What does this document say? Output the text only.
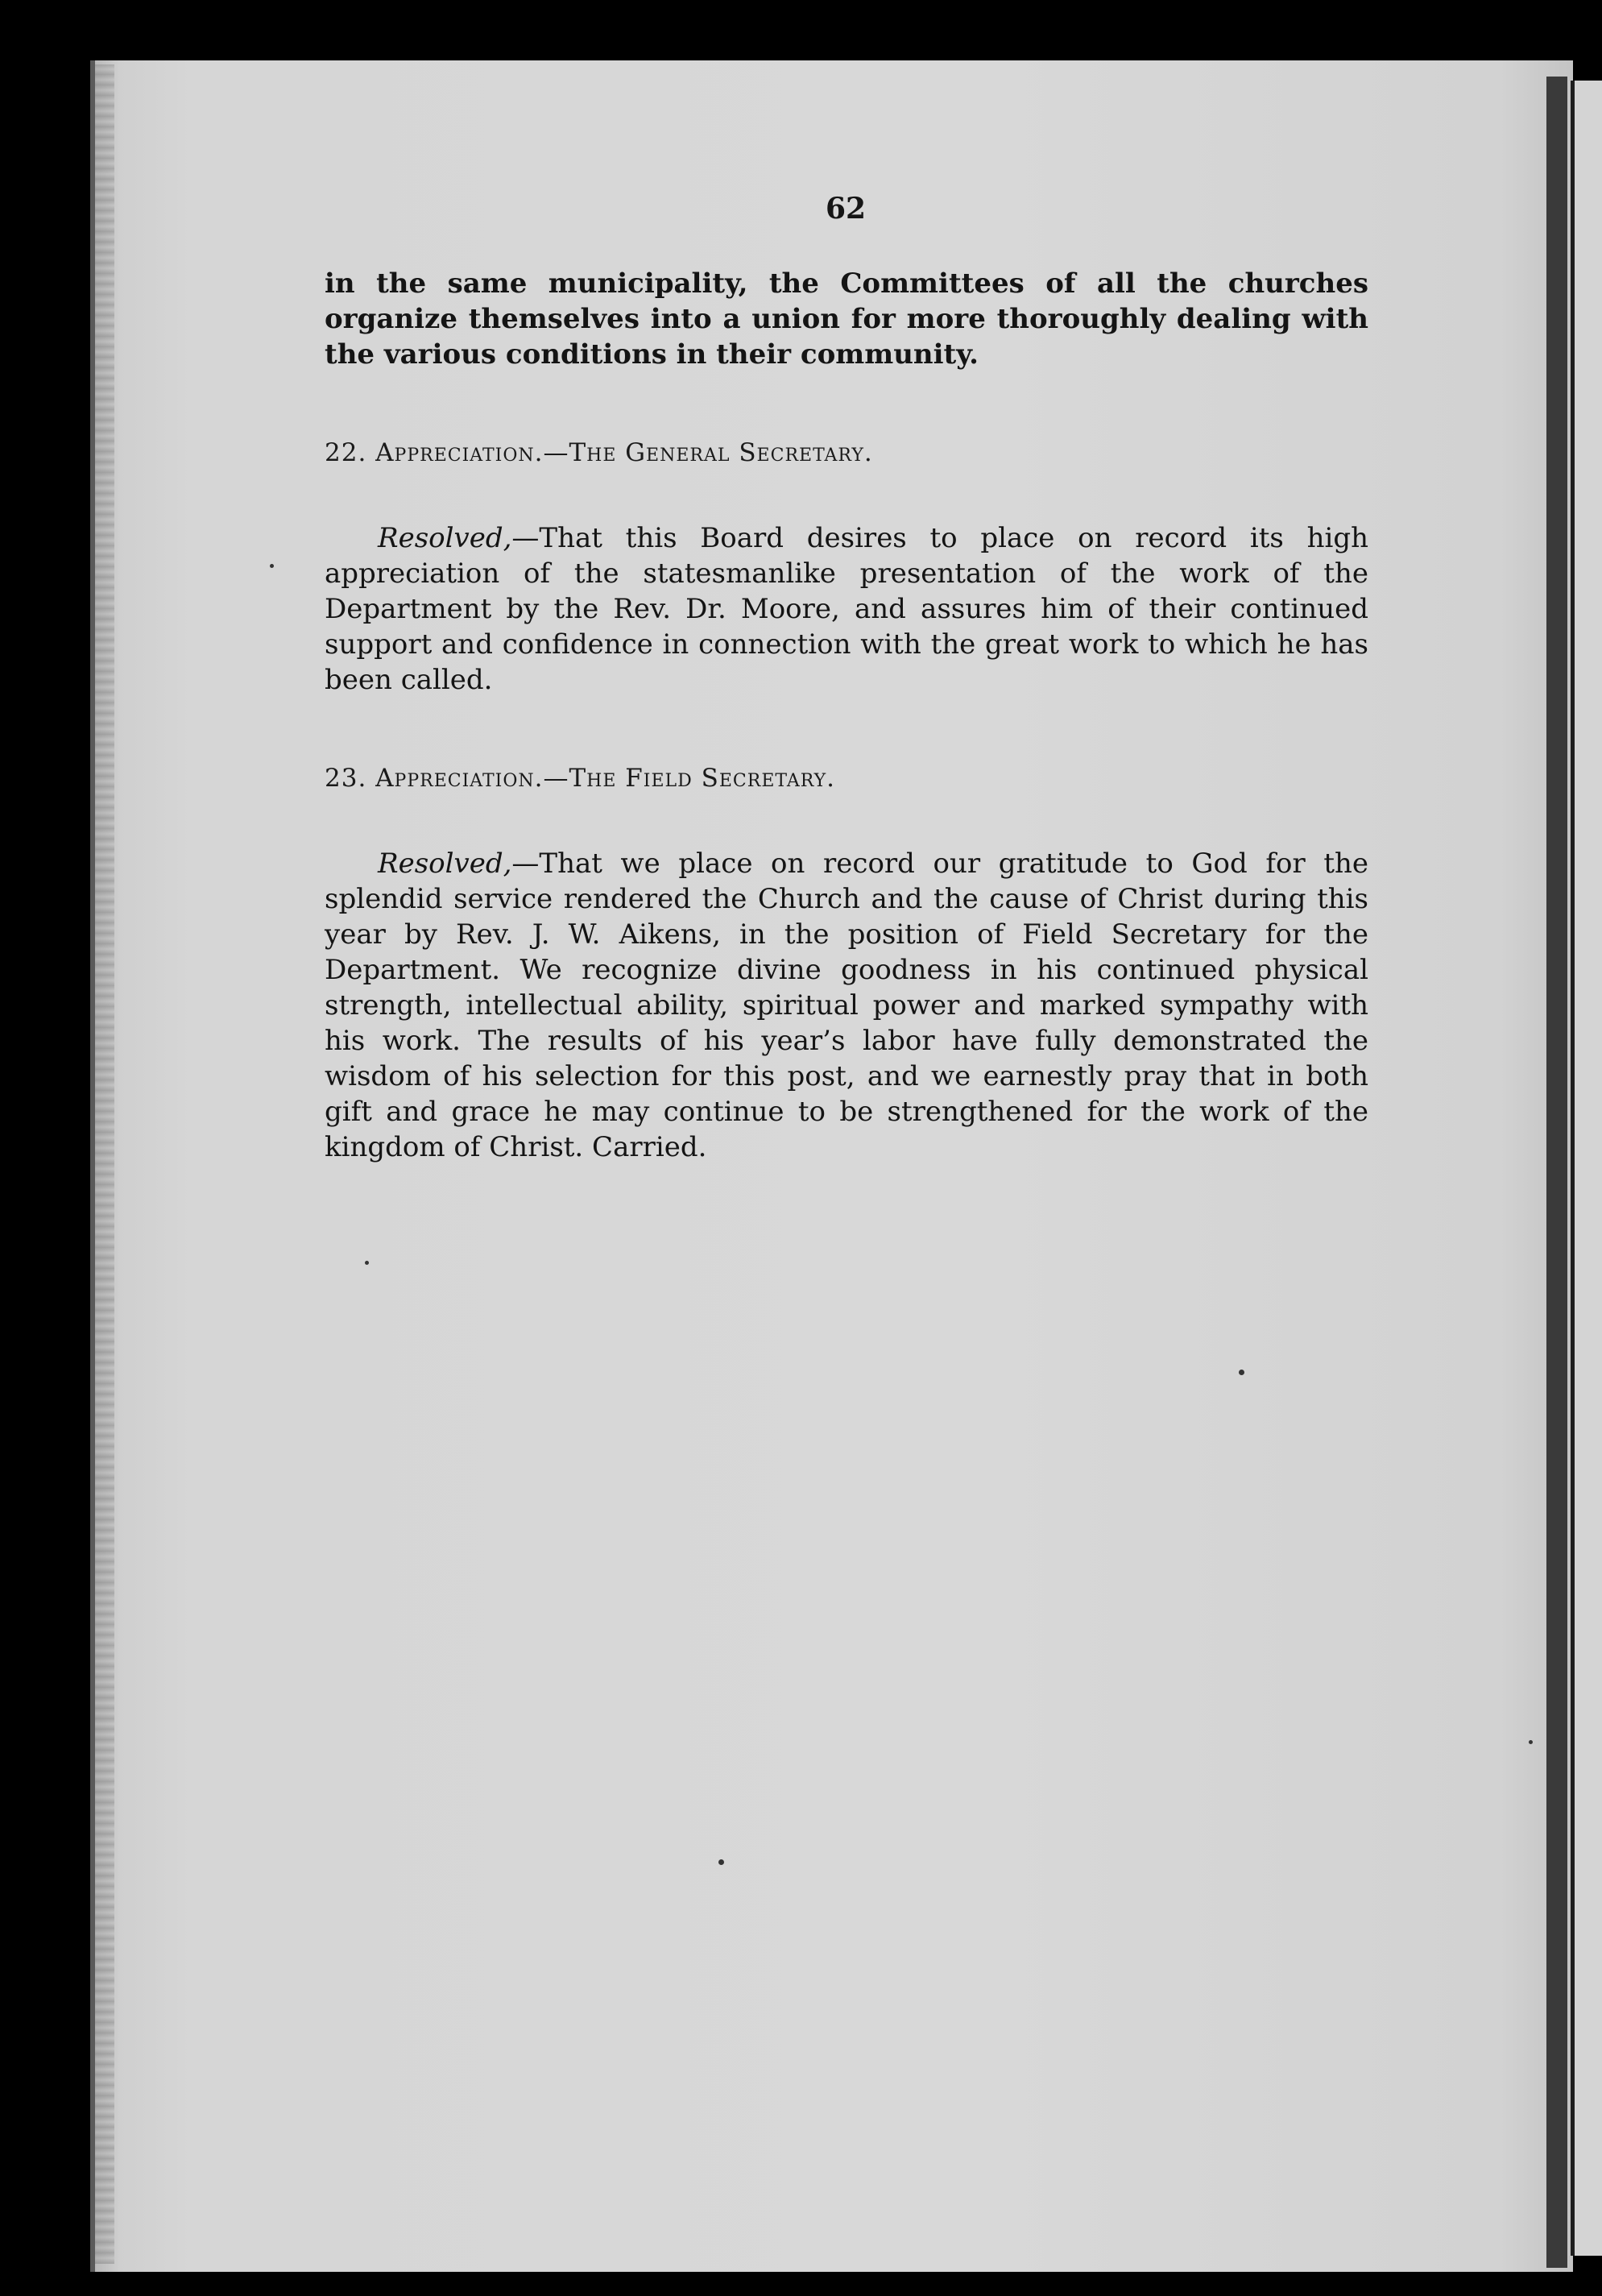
62

in the same municipality, the Committees of all the churches organize themselves into a union for more thoroughly dealing with the various conditions in their community.

22. Appreciation.—The General Secretary.

Resolved,—That this Board desires to place on record its high appreciation of the statesmanlike presentation of the work of the Department by the Rev. Dr. Moore, and assures him of their continued support and confidence in connection with the great work to which he has been called.

23. Appreciation.—The Field Secretary.

Resolved,—That we place on record our gratitude to God for the splendid service rendered the Church and the cause of Christ during this year by Rev. J. W. Aikens, in the position of Field Secretary for the Department. We recognize divine goodness in his continued physical strength, intellectual ability, spiritual power and marked sympathy with his work. The results of his year’s labor have fully demonstrated the wisdom of his selection for this post, and we earnestly pray that in both gift and grace he may continue to be strengthened for the work of the kingdom of Christ. Carried.
